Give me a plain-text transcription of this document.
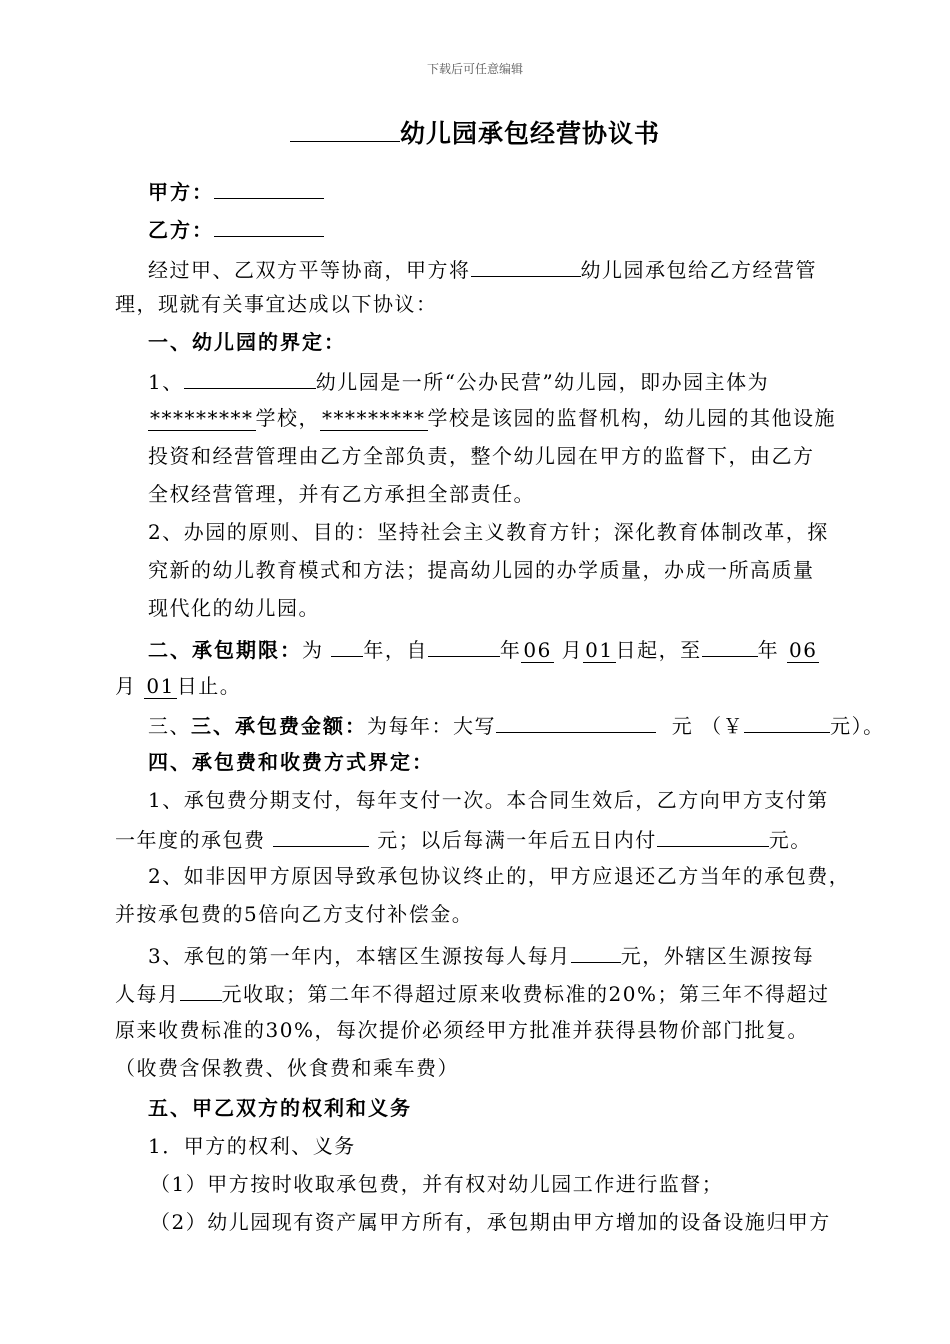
下载后可任意编辑
幼儿园承包经营协议书
甲方：
乙方：
经过甲、乙双方平等协商，甲方将	幼儿园承包给乙方经营管
理，现就有关事宜达成以下协议：
一、幼儿园的界定：
1、	幼儿园是一所“公办民营”幼儿园，即办园主体为
********* 学校， ********* 学校是该园的监督机构，幼儿园的其他设施
投资和经营管理由乙方全部负责，整个幼儿园在甲方的监督下，由乙方
全权经营管理，并有乙方承担全部责任。
2、办园的原则、目的：坚持社会主义教育方针；深化教育体制改革，探
究新的幼儿教育模式和方法；提高幼儿园的办学质量，办成一所高质量
现代化的幼儿园。
二、承包期限：为 年，自	年 06 月 01 日起，至	年 06
月 01 日止。
三、三、承包费金额：为每年：大写	元 （￥	元）。
四、承包费和收费方式界定：
1、承包费分期支付，每年支付一次。本合同生效后，乙方向甲方支付第
一年度的承包费	元；以后每满一年后五日内付	元。
2、如非因甲方原因导致承包协议终止的，甲方应退还乙方当年的承包费，
并按承包费的5倍向乙方支付补偿金。
3、承包的第一年内，本辖区生源按每人每月	元，外辖区生源按每
人每月 元收取；第二年不得超过原来收费标准的20%；第三年不得超过
原来收费标准的30%，每次提价必须经甲方批准并获得县物价部门批复。
（收费含保教费、伙食费和乘车费）
五、甲乙双方的权利和义务
1．甲方的权利、义务
（1）甲方按时收取承包费，并有权对幼儿园工作进行监督；
（2）幼儿园现有资产属甲方所有，承包期由甲方增加的设备设施归甲方
